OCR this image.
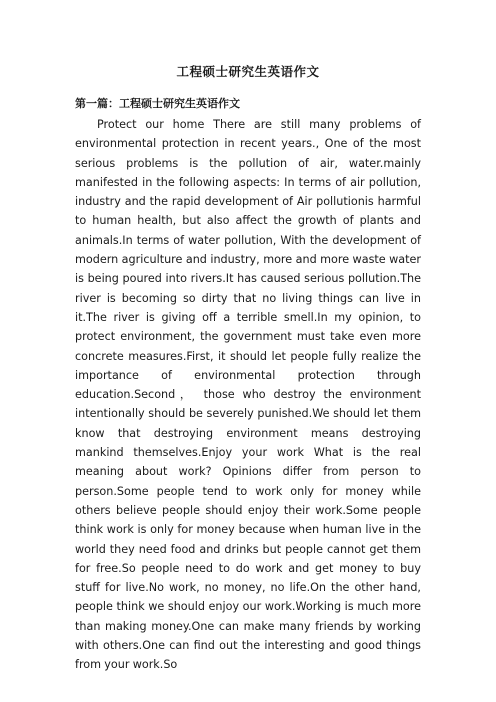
工程硕士研究生英语作文
第一篇：工程硕士研究生英语作文

Protect our home There are still many problems of environmental protection in recent years., One of the most serious problems is the pollution of air, water.mainly manifested in the following aspects: In terms of air pollution, industry and the rapid development of Air pollutionis harmful to human health, but also affect the growth of plants and animals.In terms of water pollution, With the development of modern agriculture and industry, more and more waste water is being poured into rivers.It has caused serious pollution.The river is becoming so dirty that no living things can live in it.The river is giving off a terrible smell.In my opinion, to protect environment, the government must take even more concrete measures.First, it should let people fully realize the importance of environmental protection through education.Second， those who destroy the environment intentionally should be severely punished.We should let them know that destroying environment means destroying mankind themselves.Enjoy your work What is the real meaning about work? Opinions differ from person to person.Some people tend to work only for money while others believe people should enjoy their work.Some people think work is only for money because when human live in the world they need food and drinks but people cannot get them for free.So people need to do work and get money to buy stuff for live.No work, no money, no life.On the other hand, people think we should enjoy our work.Working is much more than making money.One can make many friends by working with others.One can find out the interesting and good things from your work.So
